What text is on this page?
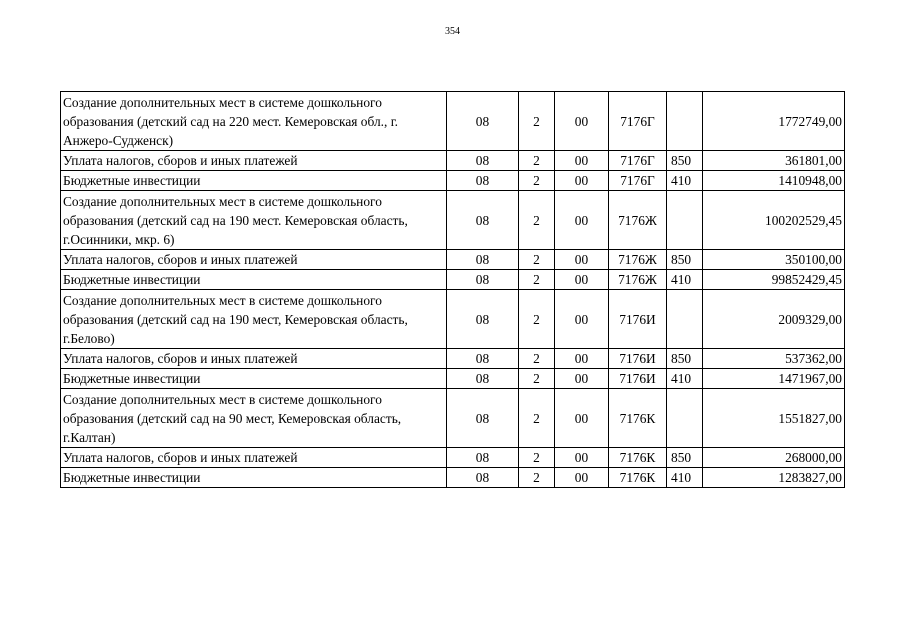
354
Создание дополнительных мест в системе дошкольного образования (детский сад на 220 мест. Кемеровская обл., г. Анжеро-Судженск)	08	2	00	7176Г		1772749,00
Уплата налогов, сборов и иных платежей	08	2	00	7176Г	850	361801,00
Бюджетные инвестиции	08	2	00	7176Г	410	1410948,00
Создание дополнительных мест в системе дошкольного образования (детский сад на 190 мест. Кемеровская область, г.Осинники, мкр. 6)	08	2	00	7176Ж		100202529,45
Уплата налогов, сборов и иных платежей	08	2	00	7176Ж	850	350100,00
Бюджетные инвестиции	08	2	00	7176Ж	410	99852429,45
Создание дополнительных мест в системе дошкольного образования (детский сад на 190 мест, Кемеровская область, г.Белово)	08	2	00	7176И		2009329,00
Уплата налогов, сборов и иных платежей	08	2	00	7176И	850	537362,00
Бюджетные инвестиции	08	2	00	7176И	410	1471967,00
Создание дополнительных мест в системе дошкольного образования (детский сад на 90 мест, Кемеровская область, г.Калтан)	08	2	00	7176К		1551827,00
Уплата налогов, сборов и иных платежей	08	2	00	7176К	850	268000,00
Бюджетные инвестиции	08	2	00	7176К	410	1283827,00
